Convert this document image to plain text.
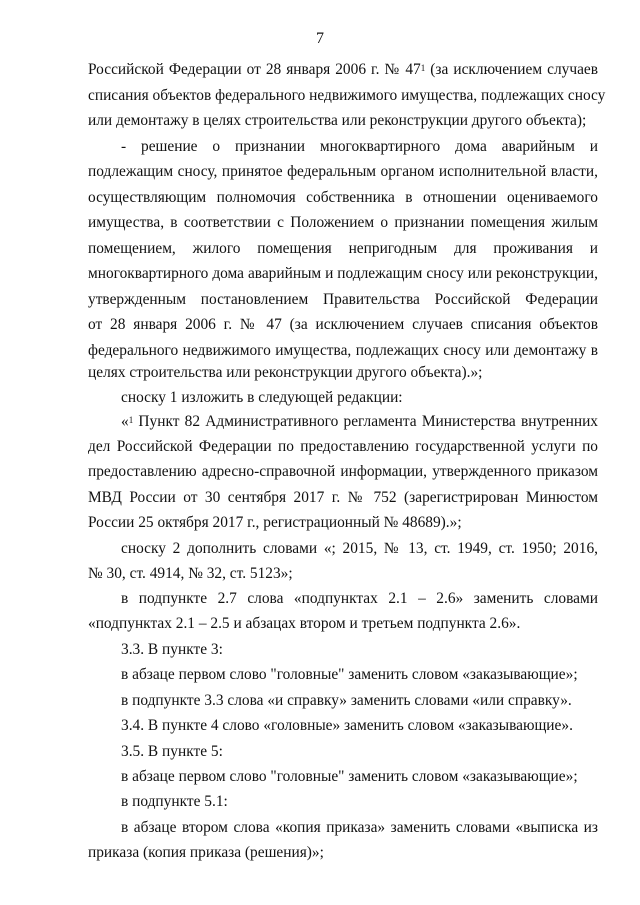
7
Российской Федерации от 28 января 2006 г. № $47^1$ (за исключением случаев
списания объектов федерального недвижимого имущества, подлежащих сносу
или демонтажу в целях строительства или реконструкции другого объекта);
- решение о признании многоквартирного дома аварийным и
подлежащим сносу, принятое федеральным органом исполнительной власти,
осуществляющим полномочия собственника в отношении оцениваемого
имущества, в соответствии с Положением о признании помещения жилым
помещением, жилого помещения непригодным для проживания и
многоквартирного дома аварийным и подлежащим сносу или реконструкции,
утвержденным постановлением Правительства Российской Федерации
от 28 января 2006 г. № 47 (за исключением случаев списания объектов
федерального недвижимого имущества, подлежащих сносу или демонтажу в
целях строительства или реконструкции другого объекта).»;
сноску 1 изложить в следующей редакции:
«$^1$ Пункт 82 Административного регламента Министерства внутренних
дел Российской Федерации по предоставлению государственной услуги по
предоставлению адресно-справочной информации, утвержденного приказом
МВД России от 30 сентября 2017 г. № 752 (зарегистрирован Минюстом
России 25 октября 2017 г., регистрационный № 48689).»;
сноску 2 дополнить словами «; 2015, № 13, ст. 1949, ст. 1950; 2016,
№ 30, ст. 4914, № 32, ст. 5123»;
в подпункте 2.7 слова «подпунктах 2.1 – 2.6» заменить словами
«подпунктах 2.1 – 2.5 и абзацах втором и третьем подпункта 2.6».
3.3. В пункте 3:
в абзаце первом слово "головные" заменить словом «заказывающие»;
в подпункте 3.3 слова «и справку» заменить словами «или справку».
3.4. В пункте 4 слово «головные» заменить словом «заказывающие».
3.5. В пункте 5:
в абзаце первом слово "головные" заменить словом «заказывающие»;
в подпункте 5.1:
в абзаце втором слова «копия приказа» заменить словами «выписка из
приказа (копия приказа (решения)»;
